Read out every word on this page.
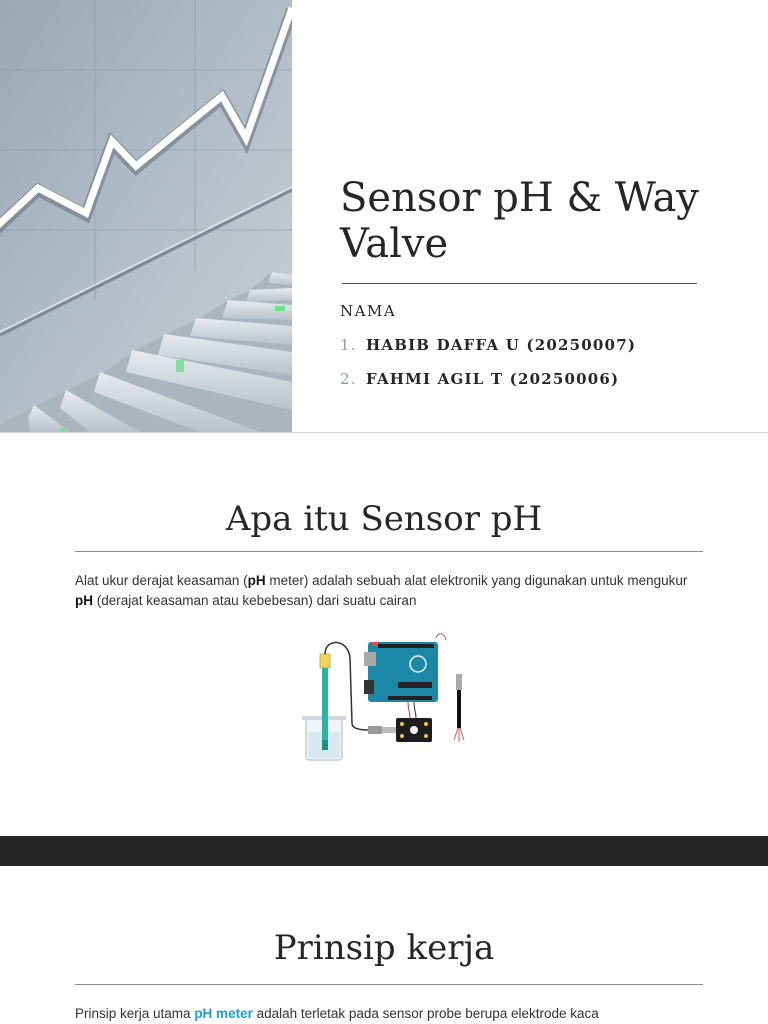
Sensor pH & Way Valve
NAMA
1. HABIB DAFFA U (20250007)
2. FAHMI AGIL T (20250006)
Apa itu Sensor pH

Alat ukur derajat keasaman (pH meter) adalah sebuah alat elektronik yang digunakan untuk mengukur pH (derajat keasaman atau kebebesan) dari suatu cairan

Prinsip kerja

Prinsip kerja utama pH meter adalah terletak pada sensor probe berupa elektrode kaca
